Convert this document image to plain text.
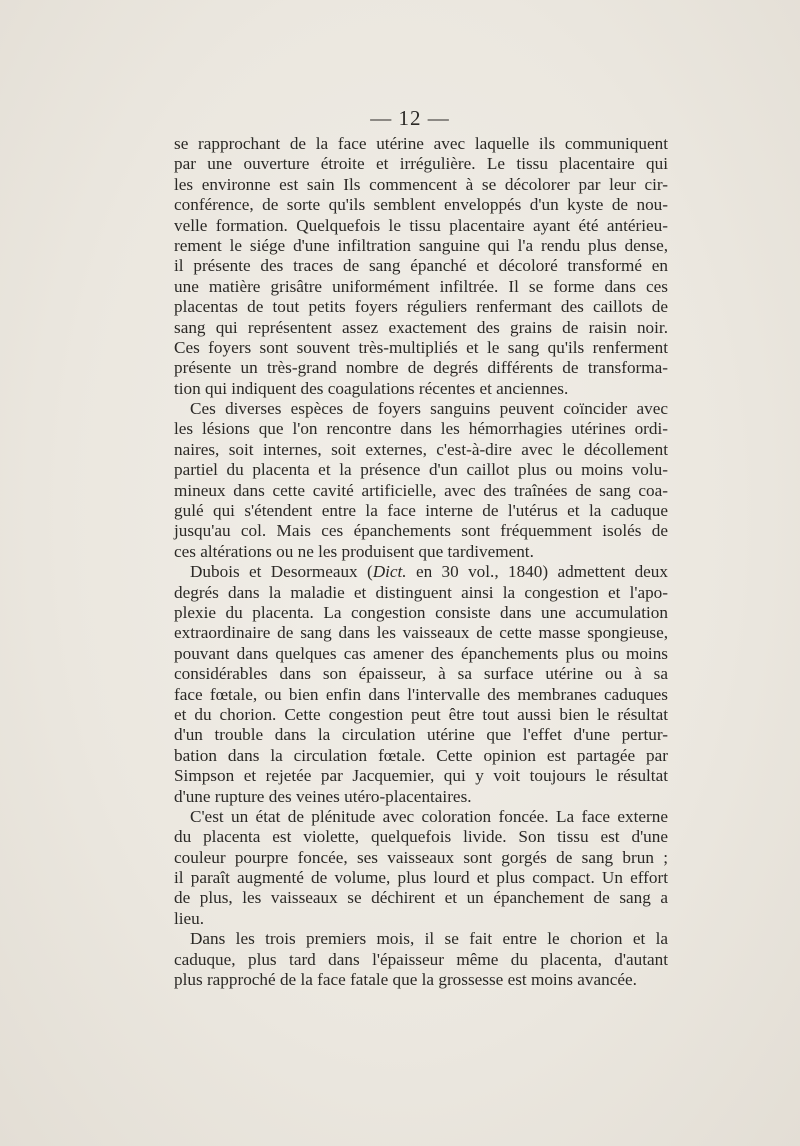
— 12 —
se rapprochant de la face utérine avec laquelle ils communiquent
par une ouverture étroite et irrégulière. Le tissu placentaire qui
les environne est sain Ils commencent à se décolorer par leur cir-
conférence, de sorte qu'ils semblent enveloppés d'un kyste de nou-
velle formation. Quelquefois le tissu placentaire ayant été antérieu-
rement le siége d'une infiltration sanguine qui l'a rendu plus dense,
il présente des traces de sang épanché et décoloré transformé en
une matière grisâtre uniformément infiltrée. Il se forme dans ces
placentas de tout petits foyers réguliers renfermant des caillots de
sang qui représentent assez exactement des grains de raisin noir.
Ces foyers sont souvent très-multipliés et le sang qu'ils renferment
présente un très-grand nombre de degrés différents de transforma-
tion qui indiquent des coagulations récentes et anciennes.
Ces diverses espèces de foyers sanguins peuvent coïncider avec
les lésions que l'on rencontre dans les hémorrhagies utérines ordi-
naires, soit internes, soit externes, c'est-à-dire avec le décollement
partiel du placenta et la présence d'un caillot plus ou moins volu-
mineux dans cette cavité artificielle, avec des traînées de sang coa-
gulé qui s'étendent entre la face interne de l'utérus et la caduque
jusqu'au col. Mais ces épanchements sont fréquemment isolés de
ces altérations ou ne les produisent que tardivement.
Dubois et Desormeaux (Dict. en 30 vol., 1840) admettent deux
degrés dans la maladie et distinguent ainsi la congestion et l'apo-
plexie du placenta. La congestion consiste dans une accumulation
extraordinaire de sang dans les vaisseaux de cette masse spongieuse,
pouvant dans quelques cas amener des épanchements plus ou moins
considérables dans son épaisseur, à sa surface utérine ou à sa
face fœtale, ou bien enfin dans l'intervalle des membranes caduques
et du chorion. Cette congestion peut être tout aussi bien le résultat
d'un trouble dans la circulation utérine que l'effet d'une pertur-
bation dans la circulation fœtale. Cette opinion est partagée par
Simpson et rejetée par Jacquemier, qui y voit toujours le résultat
d'une rupture des veines utéro-placentaires.
C'est un état de plénitude avec coloration foncée. La face externe
du placenta est violette, quelquefois livide. Son tissu est d'une
couleur pourpre foncée, ses vaisseaux sont gorgés de sang brun ;
il paraît augmenté de volume, plus lourd et plus compact. Un effort
de plus, les vaisseaux se déchirent et un épanchement de sang a
lieu.
Dans les trois premiers mois, il se fait entre le chorion et la
caduque, plus tard dans l'épaisseur même du placenta, d'autant
plus rapproché de la face fatale que la grossesse est moins avancée.
